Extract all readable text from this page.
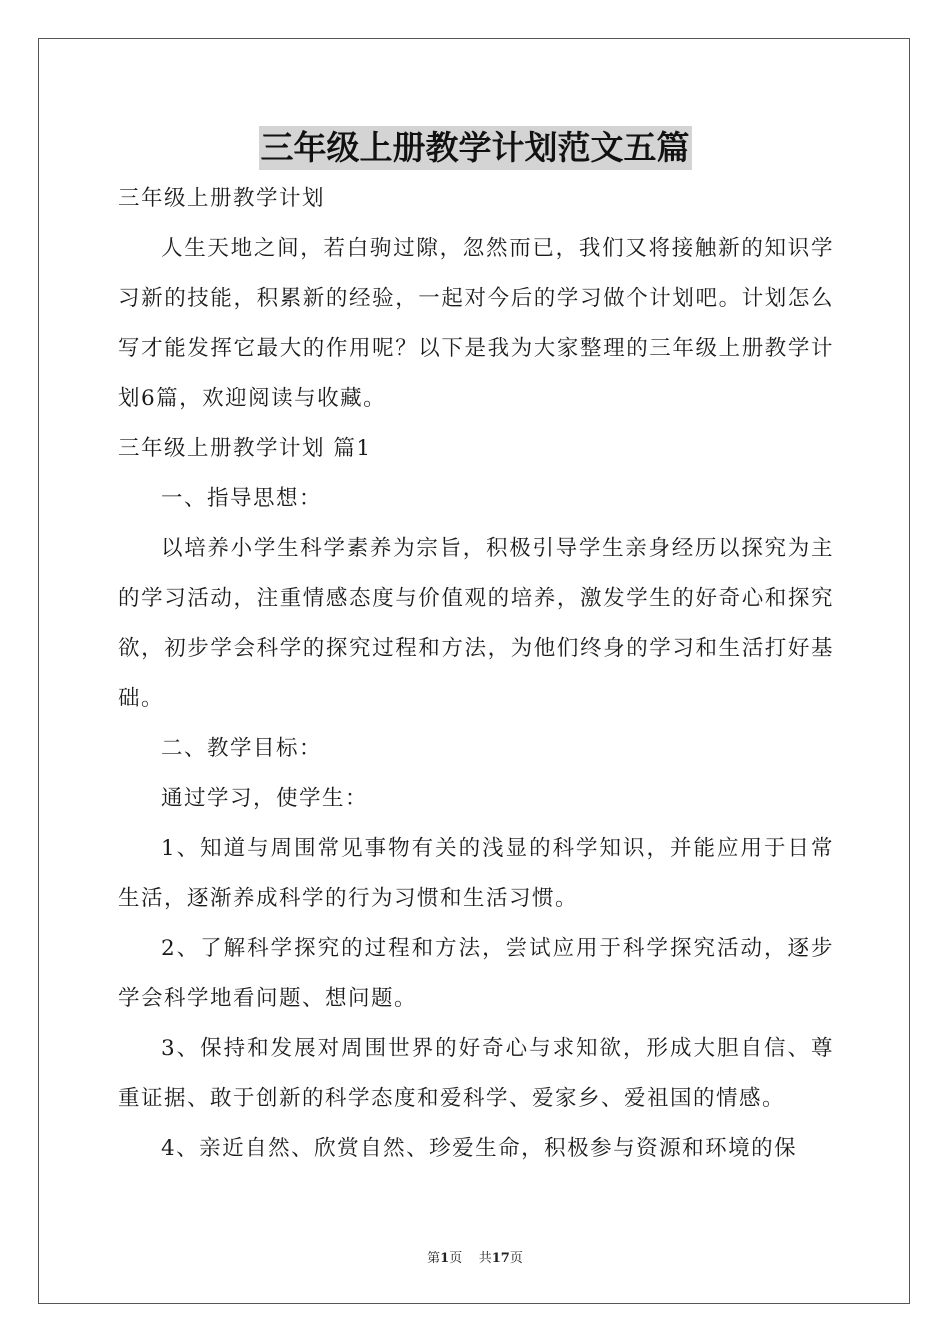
三年级上册教学计划范文五篇

三年级上册教学计划

人生天地之间，若白驹过隙，忽然而已，我们又将接触新的知识学习新的技能，积累新的经验，一起对今后的学习做个计划吧。计划怎么写才能发挥它最大的作用呢？以下是我为大家整理的三年级上册教学计划6篇，欢迎阅读与收藏。

三年级上册教学计划 篇1

一、指导思想：

以培养小学生科学素养为宗旨，积极引导学生亲身经历以探究为主的学习活动，注重情感态度与价值观的培养，激发学生的好奇心和探究欲，初步学会科学的探究过程和方法，为他们终身的学习和生活打好基础。

二、教学目标：

通过学习，使学生：

1、知道与周围常见事物有关的浅显的科学知识，并能应用于日常生活，逐渐养成科学的行为习惯和生活习惯。

2、了解科学探究的过程和方法，尝试应用于科学探究活动，逐步学会科学地看问题、想问题。

3、保持和发展对周围世界的好奇心与求知欲，形成大胆自信、尊重证据、敢于创新的科学态度和爱科学、爱家乡、爱祖国的情感。

4、亲近自然、欣赏自然、珍爱生命，积极参与资源和环境的保

第1页    共17页
